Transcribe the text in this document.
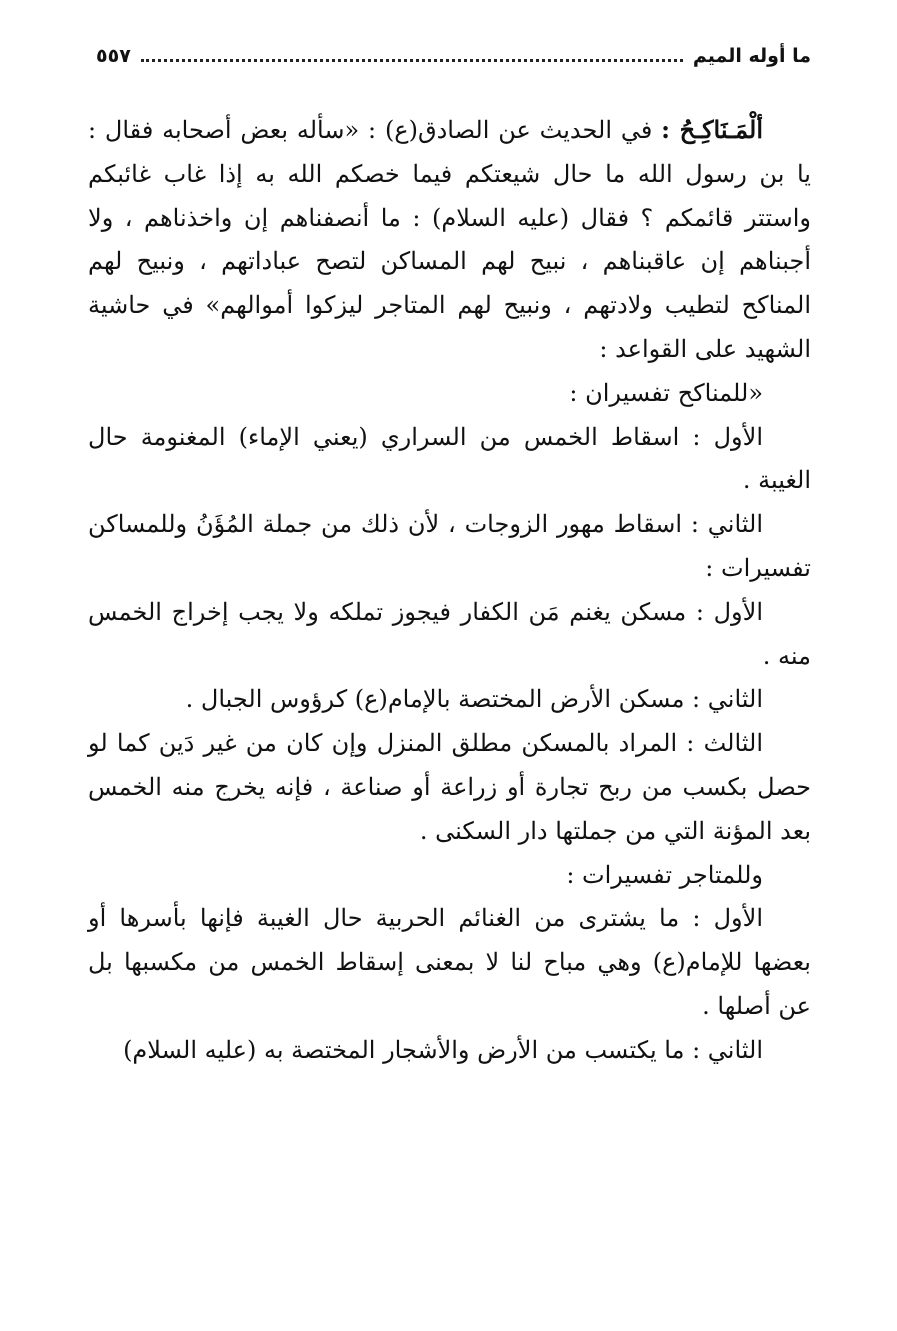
ما أوله الميم
٥٥٧

ألْمَـنَاكِـحُ : في الحديث عن الصادق(ع) : «سأله بعض أصحابه فقال : يا بن رسول الله ما حال شيعتكم فيما خصكم الله به إذا غاب غائبكم واستتر قائمكم ؟ فقال (عليه السلام) : ما أنصفناهم إن واخذناهم ، ولا أجبناهم إن عاقبناهم ، نبيح لهم المساكن لتصح عباداتهم ، ونبيح لهم المناكح لتطيب ولادتهم ، ونبيح لهم المتاجر ليزكوا أموالهم» في حاشية الشهيد على القواعد :

«للمناكح تفسيران :

الأول : اسقاط الخمس من السراري (يعني الإماء) المغنومة حال الغيبة .

الثاني : اسقاط مهور الزوجات ، لأن ذلك من جملة المُؤَنُ وللمساكن تفسيرات :

الأول : مسكن يغنم مَن الكفار فيجوز تملكه ولا يجب إخراج الخمس منه .

الثاني : مسكن الأرض المختصة بالإمام(ع) كرؤوس الجبال .

الثالث : المراد بالمسكن مطلق المنزل وإن كان من غير دَين كما لو حصل بكسب من ربح تجارة أو زراعة أو صناعة ، فإنه يخرج منه الخمس بعد المؤنة التي من جملتها دار السكنى .

وللمتاجر تفسيرات :

الأول : ما يشترى من الغنائم الحربية حال الغيبة فإنها بأسرها أو بعضها للإمام(ع) وهي مباح لنا لا بمعنى إسقاط الخمس من مكسبها بل عن أصلها .

الثاني : ما يكتسب من الأرض والأشجار المختصة به (عليه السلام)
